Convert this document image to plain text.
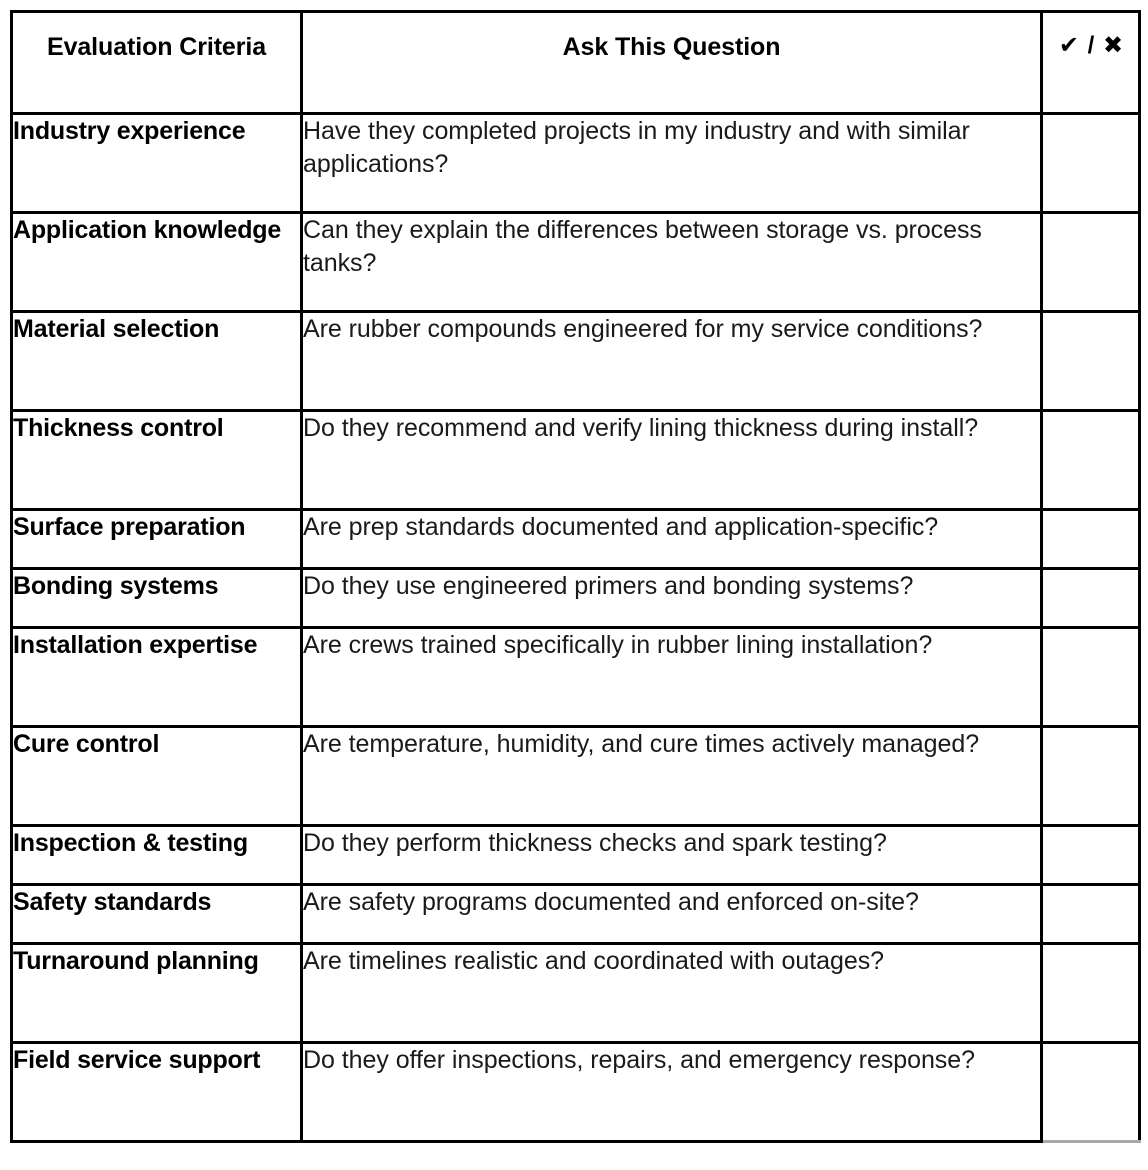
Evaluation Criteria	Ask This Question	✔ / ✖

Industry experience	Have they completed projects in my industry and with similar applications?	
Application knowledge	Can they explain the differences between storage vs. process tanks?	
Material selection	Are rubber compounds engineered for my service conditions?	
Thickness control	Do they recommend and verify lining thickness during install?	
Surface preparation	Are prep standards documented and application-specific?	
Bonding systems	Do they use engineered primers and bonding systems?	
Installation expertise	Are crews trained specifically in rubber lining installation?	
Cure control	Are temperature, humidity, and cure times actively managed?	
Inspection & testing	Do they perform thickness checks and spark testing?	
Safety standards	Are safety programs documented and enforced on-site?	
Turnaround planning	Are timelines realistic and coordinated with outages?	
Field service support	Do they offer inspections, repairs, and emergency response?	
